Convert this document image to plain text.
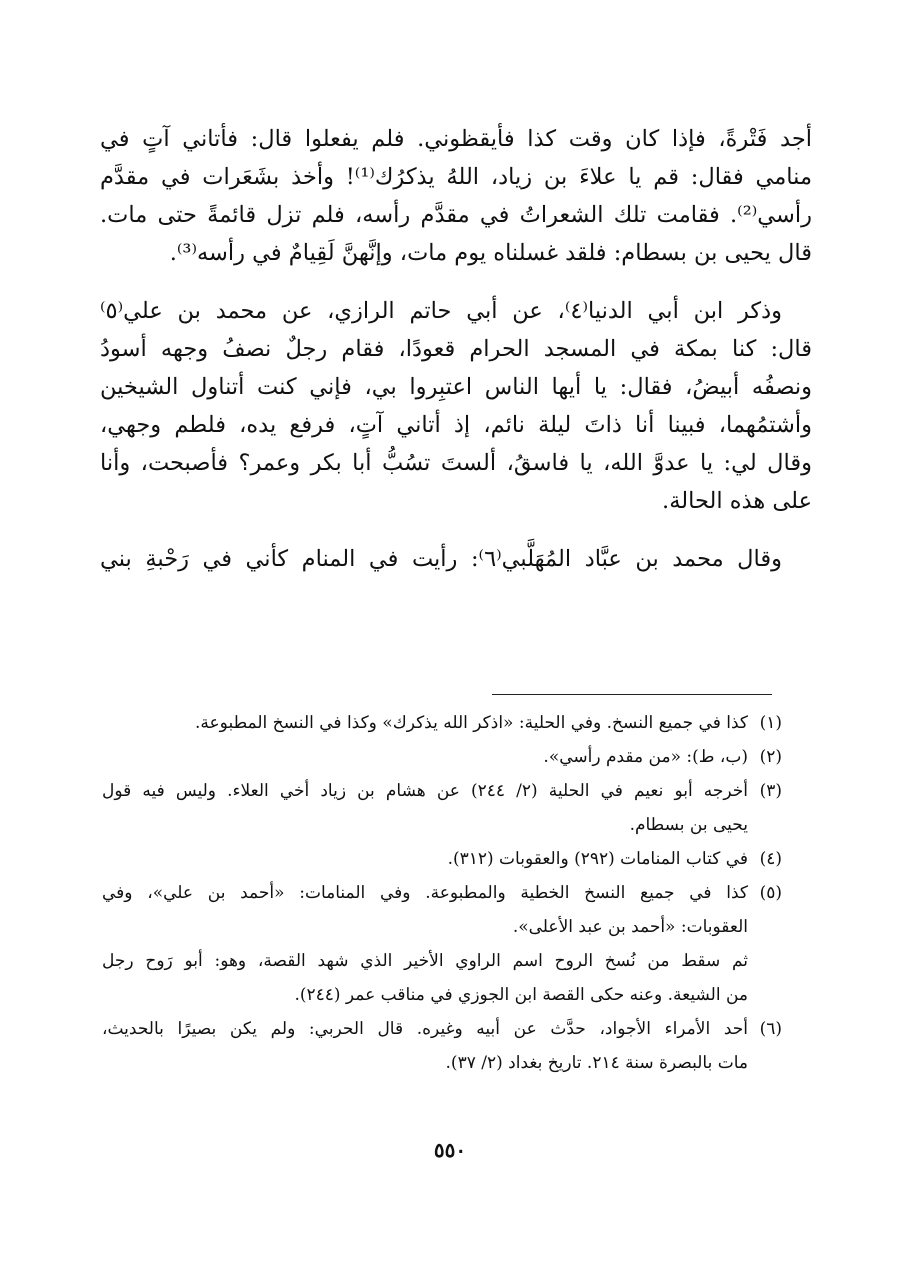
أجد فَتْرةً، فإذا كان وقت كذا فأيقظوني. فلم يفعلوا قال: فأتاني آتٍ في
منامي فقال: قم يا علاءَ بن زياد، اللهُ يذكرُك⁽¹⁾! وأخذ بشَعَرات في مقدَّم
رأسي⁽²⁾. فقامت تلك الشعراتُ في مقدَّم رأسه، فلم تزل قائمةً حتى مات.
قال يحيى بن بسطام: فلقد غسلناه يوم مات، وإنَّهنَّ لَقِيامٌ في رأسه⁽³⁾.
وذكر ابن أبي الدنيا⁽٤⁾، عن أبي حاتم الرازي، عن محمد بن علي⁽٥⁾
قال: كنا بمكة في المسجد الحرام قعودًا، فقام رجلٌ نصفُ وجهه أسودُ
ونصفُه أبيضُ، فقال: يا أيها الناس اعتبِروا بي، فإني كنت أتناول الشيخين
وأشتمُهما، فبينا أنا ذاتَ ليلة نائم، إذ أتاني آتٍ، فرفع يده، فلطم وجهي،
وقال لي: يا عدوَّ الله، يا فاسقُ، ألستَ تسُبُّ أبا بكر وعمر؟ فأصبحت، وأنا
على هذه الحالة.
وقال محمد بن عبَّاد المُهَلَّبي⁽٦⁾: رأيت في المنام كأني في رَحْبةِ بني
(١)
كذا في جميع النسخ. وفي الحلية: «اذكر الله يذكرك» وكذا في النسخ المطبوعة.
(٢)
(ب، ط): «من مقدم رأسي».
(٣)
أخرجه أبو نعيم في الحلية (٢/ ٢٤٤) عن هشام بن زياد أخي العلاء. وليس فيه قول
يحيى بن بسطام.
(٤)
في كتاب المنامات (٢٩٢) والعقوبات (٣١٢).
(٥)
كذا في جميع النسخ الخطية والمطبوعة. وفي المنامات: «أحمد بن علي»، وفي
العقوبات: «أحمد بن عبد الأعلى».
ثم سقط من نُسخ الروح اسم الراوي الأخير الذي شهد القصة، وهو: أبو رَوح رجل
من الشيعة. وعنه حكى القصة ابن الجوزي في مناقب عمر (٢٤٤).
(٦)
أحد الأمراء الأجواد، حدَّث عن أبيه وغيره. قال الحربي: ولم يكن بصيرًا بالحديث،
مات بالبصرة سنة ٢١٤. تاريخ بغداد (٢/ ٣٧).
٥٥٠
